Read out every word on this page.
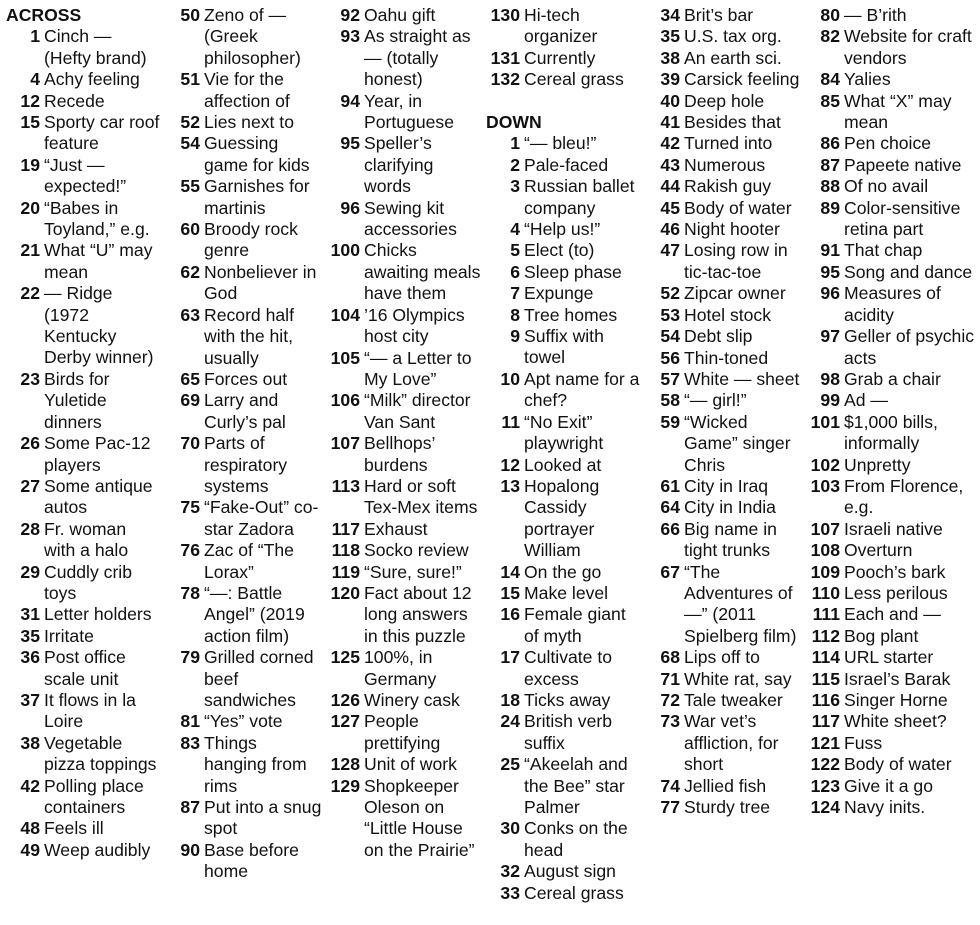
ACROSS
1 Cinch — (Hefty brand)
4 Achy feeling
12 Recede
15 Sporty car roof feature
19 “Just — expected!”
20 “Babes in Toyland,” e.g.
21 What “U” may mean
22 — Ridge (1972 Kentucky Derby winner)
23 Birds for Yuletide dinners
26 Some Pac-12 players
27 Some antique autos
28 Fr. woman with a halo
29 Cuddly crib toys
31 Letter holders
35 Irritate
36 Post office scale unit
37 It flows in la Loire
38 Vegetable pizza toppings
42 Polling place containers
48 Feels ill
49 Weep audibly
50 Zeno of — (Greek philosopher)
51 Vie for the affection of
52 Lies next to
54 Guessing game for kids
55 Garnishes for martinis
60 Broody rock genre
62 Nonbeliever in God
63 Record half with the hit, usually
65 Forces out
69 Larry and Curly’s pal
70 Parts of respiratory systems
75 “Fake-Out” co-star Zadora
76 Zac of “The Lorax”
78 “—: Battle Angel” (2019 action film)
79 Grilled corned beef sandwiches
81 “Yes” vote
83 Things hanging from rims
87 Put into a snug spot
90 Base before home
92 Oahu gift
93 As straight as — (totally honest)
94 Year, in Portuguese
95 Speller’s clarifying words
96 Sewing kit accessories
100 Chicks awaiting meals have them
104 ’16 Olympics host city
105 “— a Letter to My Love”
106 “Milk” director Van Sant
107 Bellhops’ burdens
113 Hard or soft Tex-Mex items
117 Exhaust
118 Socko review
119 “Sure, sure!”
120 Fact about 12 long answers in this puzzle
125 100%, in Germany
126 Winery cask
127 People prettifying
128 Unit of work
129 Shopkeeper Oleson on “Little House on the Prairie”
130 Hi-tech organizer
131 Currently
132 Cereal grass
DOWN
1 “— bleu!”
2 Pale-faced
3 Russian ballet company
4 “Help us!”
5 Elect (to)
6 Sleep phase
7 Expunge
8 Tree homes
9 Suffix with towel
10 Apt name for a chef?
11 “No Exit” playwright
12 Looked at
13 Hopalong Cassidy portrayer William
14 On the go
15 Make level
16 Female giant of myth
17 Cultivate to excess
18 Ticks away
24 British verb suffix
25 “Akeelah and the Bee” star Palmer
30 Conks on the head
32 August sign
33 Cereal grass
34 Brit’s bar
35 U.S. tax org.
38 An earth sci.
39 Carsick feeling
40 Deep hole
41 Besides that
42 Turned into
43 Numerous
44 Rakish guy
45 Body of water
46 Night hooter
47 Losing row in tic-tac-toe
52 Zipcar owner
53 Hotel stock
54 Debt slip
56 Thin-toned
57 White — sheet
58 “— girl!”
59 “Wicked Game” singer Chris
61 City in Iraq
64 City in India
66 Big name in tight trunks
67 “The Adventures of —” (2011 Spielberg film)
68 Lips off to
71 White rat, say
72 Tale tweaker
73 War vet’s affliction, for short
74 Jellied fish
77 Sturdy tree
80 — B’rith
82 Website for craft vendors
84 Yalies
85 What “X” may mean
86 Pen choice
87 Papeete native
88 Of no avail
89 Color-sensitive retina part
91 That chap
95 Song and dance
96 Measures of acidity
97 Geller of psychic acts
98 Grab a chair
99 Ad —
101 $1,000 bills, informally
102 Unpretty
103 From Florence, e.g.
107 Israeli native
108 Overturn
109 Pooch’s bark
110 Less perilous
111 Each and —
112 Bog plant
114 URL starter
115 Israel’s Barak
116 Singer Horne
117 White sheet?
121 Fuss
122 Body of water
123 Give it a go
124 Navy inits.
